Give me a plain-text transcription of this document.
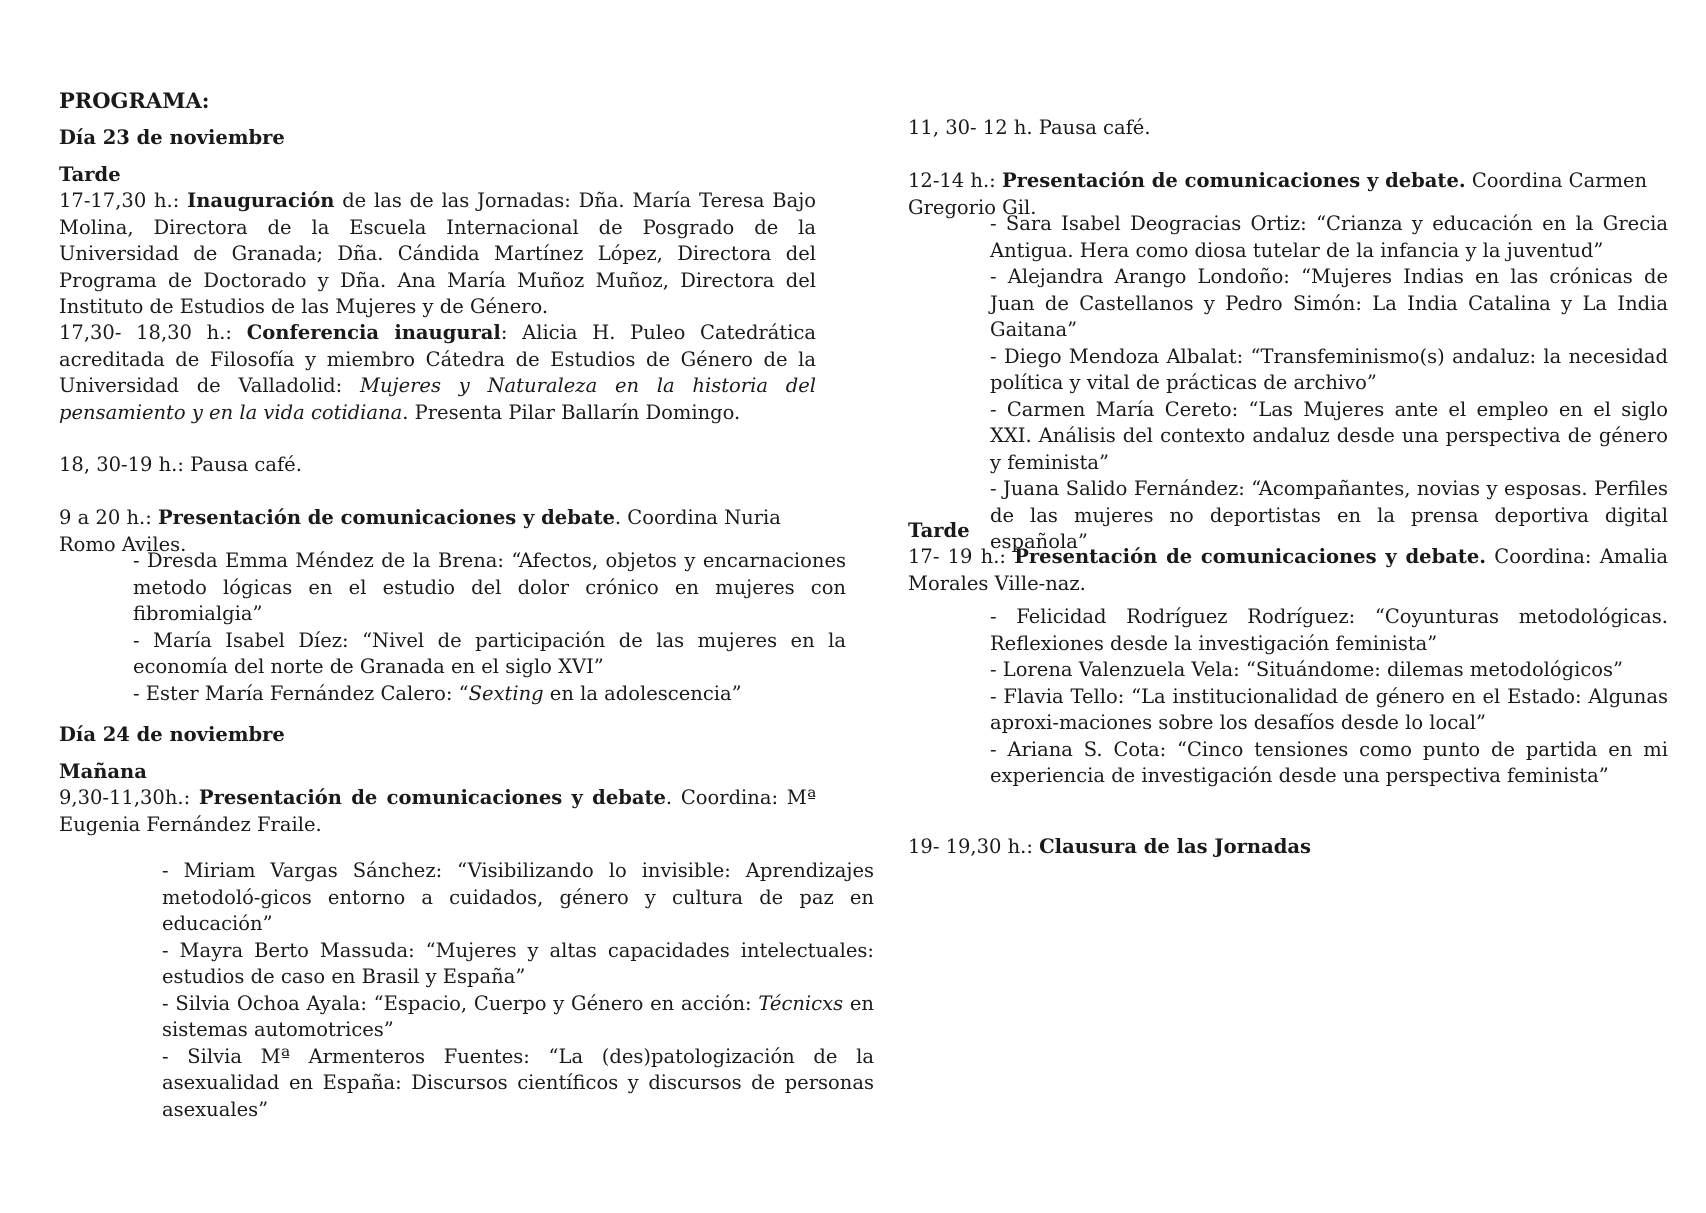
PROGRAMA:
Día 23 de noviembre
Tarde

17-17,30 h.: Inauguración de las de las Jornadas: Dña. María Teresa Bajo Molina, Directora de la Escuela Internacional de Posgrado de la Universidad de Granada; Dña. Cándida Martínez López, Directora del Programa de Doctorado y Dña. Ana María Muñoz Muñoz, Directora del Instituto de Estudios de las Mujeres y de Género.

17,30- 18,30 h.: Conferencia inaugural: Alicia H. Puleo Catedrática acreditada de Filosofía y miembro Cátedra de Estudios de Género de la Universidad de Valladolid: Mujeres y Naturaleza en la historia del pensamiento y en la vida cotidiana. Presenta Pilar Ballarín Domingo.

18, 30-19 h.: Pausa café.

9 a 20 h.: Presentación de comunicaciones y debate. Coordina Nuria Romo Aviles.

- Dresda Emma Méndez de la Brena: “Afectos, objetos y encarnaciones metodo lógicas en el estudio del dolor crónico en mujeres con fibromialgia”

- María Isabel Díez: “Nivel de participación de las mujeres en la economía del norte de Granada en el siglo XVI”

- Ester María Fernández Calero: “Sexting en la adolescencia”

Día 24 de noviembre
Mañana

9,30-11,30h.: Presentación de comunicaciones y debate. Coordina: Mª Eugenia Fernández Fraile.

- Miriam Vargas Sánchez: “Visibilizando lo invisible: Aprendizajes metodoló-gicos entorno a cuidados, género y cultura de paz en educación”

- Mayra Berto Massuda: “Mujeres y altas capacidades intelectuales: estudios de caso en Brasil y España”

- Silvia Ochoa Ayala: “Espacio, Cuerpo y Género en acción: Técnicxs en sistemas automotrices”

- Silvia Mª Armenteros Fuentes: “La (des)patologización de la asexualidad en España: Discursos científicos y discursos de personas asexuales”

11, 30- 12 h. Pausa café.

12-14 h.: Presentación de comunicaciones y debate. Coordina Carmen Gregorio Gil.

- Sara Isabel Deogracias Ortiz: “Crianza y educación en la Grecia Antigua. Hera como diosa tutelar de la infancia y la juventud”

- Alejandra Arango Londoño: “Mujeres Indias en las crónicas de Juan de Castellanos y Pedro Simón: La India Catalina y La India Gaitana”

- Diego Mendoza Albalat: “Transfeminismo(s) andaluz: la necesidad política y vital de prácticas de archivo”

- Carmen María Cereto: “Las Mujeres ante el empleo en el siglo XXI. Análisis del contexto andaluz desde una perspectiva de género y feminista”

- Juana Salido Fernández: “Acompañantes, novias y esposas. Perfiles de las mujeres no deportistas en la prensa deportiva digital española”

Tarde

17- 19 h.: Presentación de comunicaciones y debate. Coordina: Amalia Morales Ville-naz.

- Felicidad Rodríguez Rodríguez: “Coyunturas metodológicas. Reflexiones desde la investigación feminista”

- Lorena Valenzuela Vela: “Situándome: dilemas metodológicos”

- Flavia Tello: “La institucionalidad de género en el Estado: Algunas aproxi-maciones sobre los desafíos desde lo local”

- Ariana S. Cota: “Cinco tensiones como punto de partida en mi experiencia de investigación desde una perspectiva feminista”

19- 19,30 h.: Clausura de las Jornadas
